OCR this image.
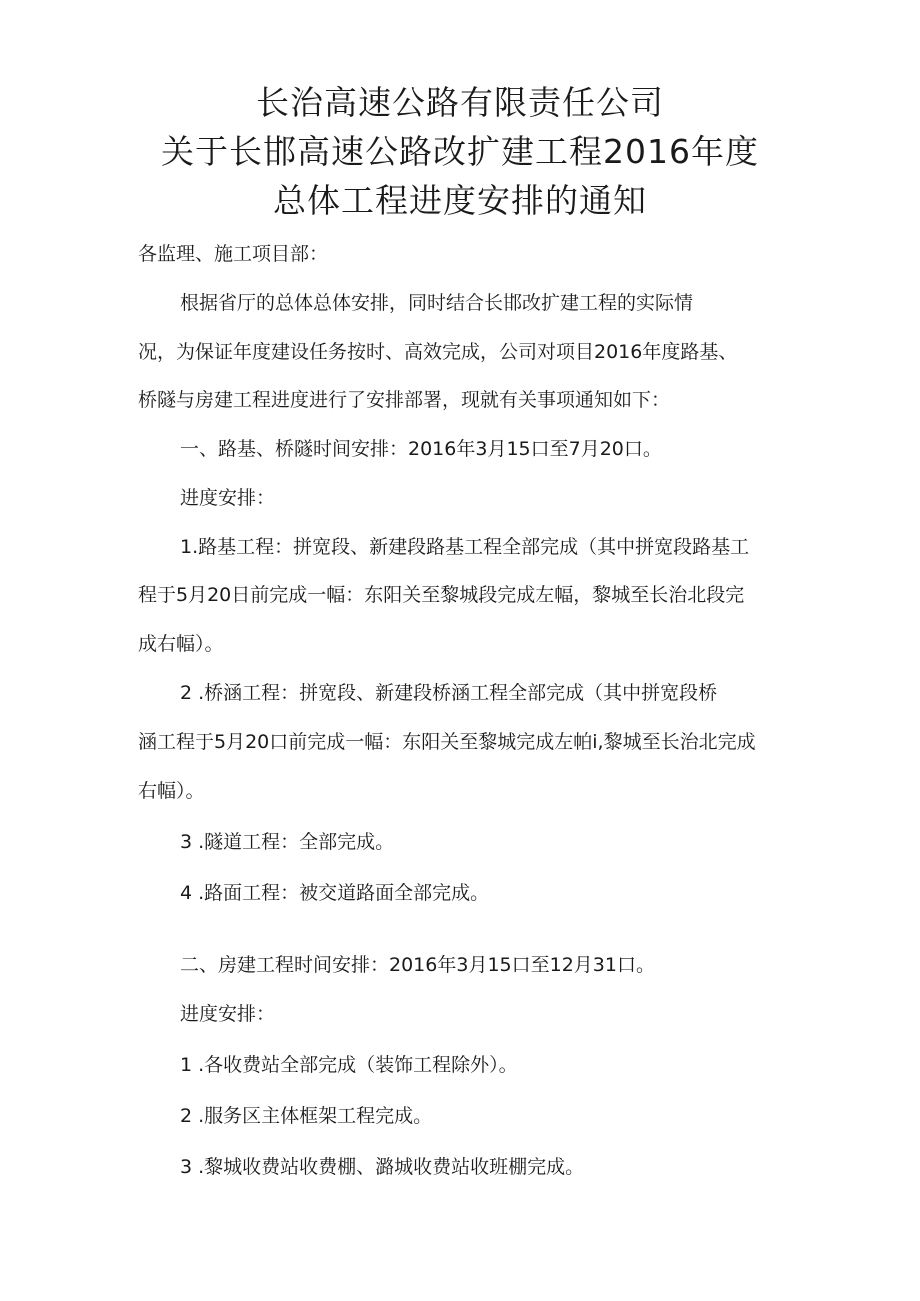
长治高速公路有限责任公司
关于长邯高速公路改扩建工程2016年度
总体工程进度安排的通知
各监理、施工项目部：
根据省厅的总体总体安排，同时结合长邯改扩建工程的实际情
况，为保证年度建设任务按时、高效完成，公司对项目2016年度路基、
桥隧与房建工程进度进行了安排部署，现就有关事项通知如下：
一、路基、桥隧时间安排：2016年3月15口至7月20口。
进度安排：
1.路基工程：拼宽段、新建段路基工程全部完成（其中拼宽段路基工
程于5月20日前完成一幅：东阳关至黎城段完成左幅，黎城至长治北段完
成右幅）。
2 .桥涵工程：拼宽段、新建段桥涵工程全部完成（其中拼宽段桥
涵工程于5月20口前完成一幅：东阳关至黎城完成左帕i,黎城至长治北完成
右幅）。
3 .隧道工程：全部完成。
4 .路面工程：被交道路面全部完成。
二、房建工程时间安排：2016年3月15口至12月31口。
进度安排：
1 .各收费站全部完成（装饰工程除外）。
2 .服务区主体框架工程完成。
3 .黎城收费站收费棚、潞城收费站收班棚完成。
